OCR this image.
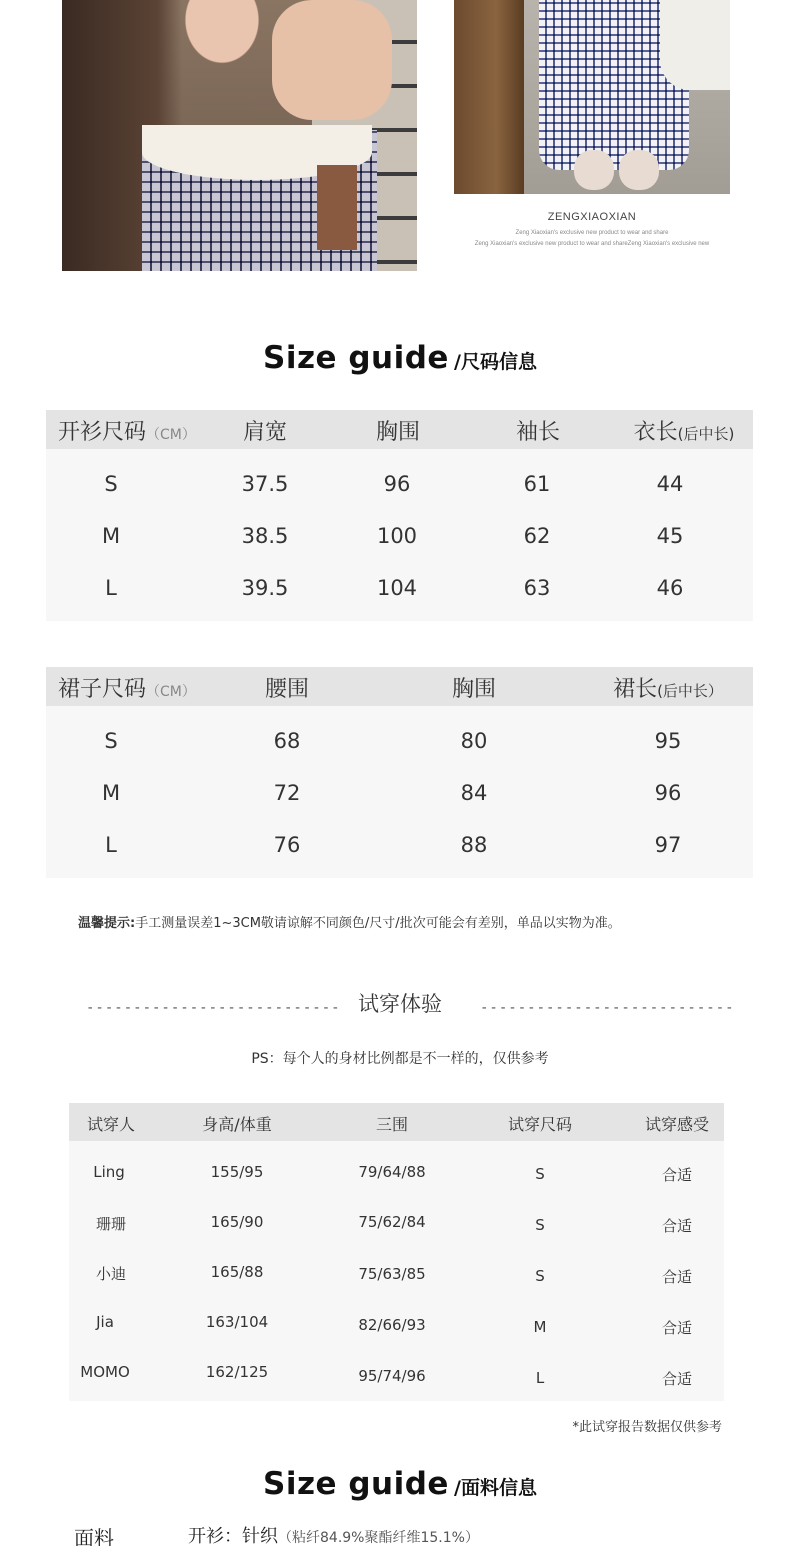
ZENGXIAOXIAN
Zeng Xiaoxian's exclusive new product to wear and share
Zeng Xiaoxian's exclusive new product to wear and shareZeng Xiaoxian's exclusive new
Size guide /尺码信息
开衫尺码（CM） 肩宽	胸围	袖长	衣长(后中长)
S	37.5	96	61	44
M	38.5	100	62	45
L	39.5	104	63	46
裙子尺码（CM）	腰围	胸围	裙长(后中长）
S	68	80	95
M	72	84	96
L	76	88	97
温馨提示:手工测量误差1~3CM敬请谅解不同颜色/尺寸/批次可能会有差别，单品以实物为准。
--------------------------- 试穿体验	---------------------------
PS：每个人的身材比例都是不一样的，仅供参考
试穿人	身高/体重	三围	试穿尺码	试穿感受
Ling	155/95	79/64/88	S	合适
珊珊	165/90	75/62/84	S	合适
小迪	165/88	75/63/85	S	合适
Jia	163/104	82/66/93	M	合适
MOMO	162/125	95/74/96	L	合适
*此试穿报告数据仅供参考
Size guide /面料信息
面料	开衫：针织（粘纤84.9%聚酯纤维15.1%）
